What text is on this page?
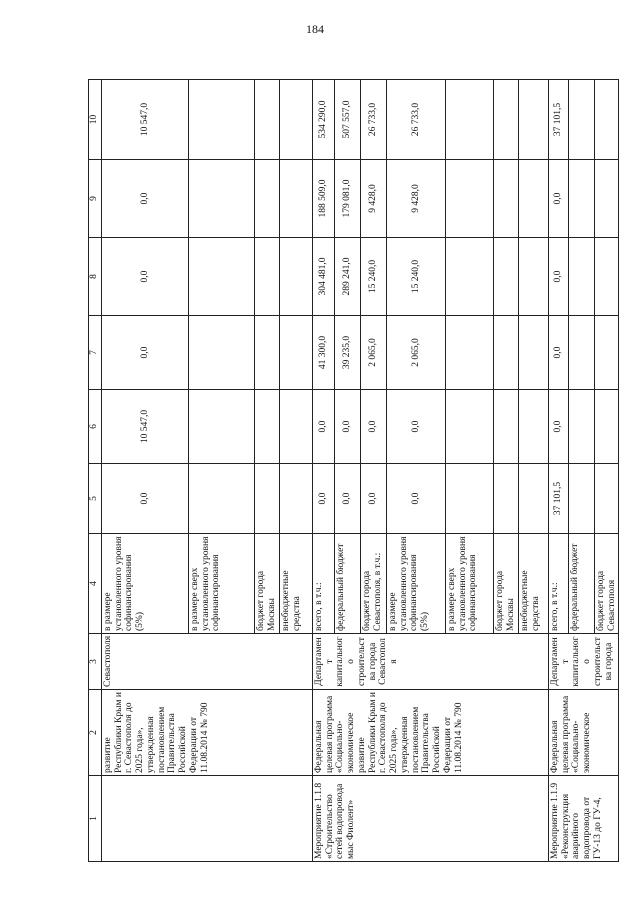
184
1	2	3	4	5	6	7	8	9	10
	развитие Республики Крым и г. Севастополя до 2025 года», утвержденная постановлением Правительства Российской Федерации от 11.08.2014 № 790	Севастополя	в размере установленного уровня софинансирования (5%)	0,0	10 547,0	0,0	0,0	0,0	10 547,0
			в размере сверх установленного уровня софинансирования						
			бюджет города Москвы						
			внебюджетные средства						
Мероприятие 1.1.8 «Строительство сетей водопровода мыс Фиолент»	Федеральная целевая программа «Социально-экономическое развитие Республики Крым и г. Севастополя до 2025 года», утвержденная постановлением Правительства Российской Федерации от 11.08.2014 № 790	Департамент капитального строительства города Севастополя	всего, в т.ч.:	0,0	0,0	41 300,0	304 481,0	188 509,0	534 290,0
			федеральный бюджет	0,0	0,0	39 235,0	289 241,0	179 081,0	507 557,0
			бюджет города Севастополя, в т.ч.:	0,0	0,0	2 065,0	15 240,0	9 428,0	26 733,0
			в размере установленного уровня софинансирования (5%)	0,0	0,0	2 065,0	15 240,0	9 428,0	26 733,0
			в размере сверх установленного уровня софинансирования						
			бюджет города Москвы						
			внебюджетные средства						
Мероприятие 1.1.9 «Реконструкция аварийного водопровода от ГУ-13 до ГУ-4,	Федеральная целевая программа «Социально-экономическое	Департамент капитального строительства города	всего, в т.ч.:	37 101,5	0,0	0,0	0,0	0,0	37 101,5
			федеральный бюджет						
			бюджет города Севастополя						
